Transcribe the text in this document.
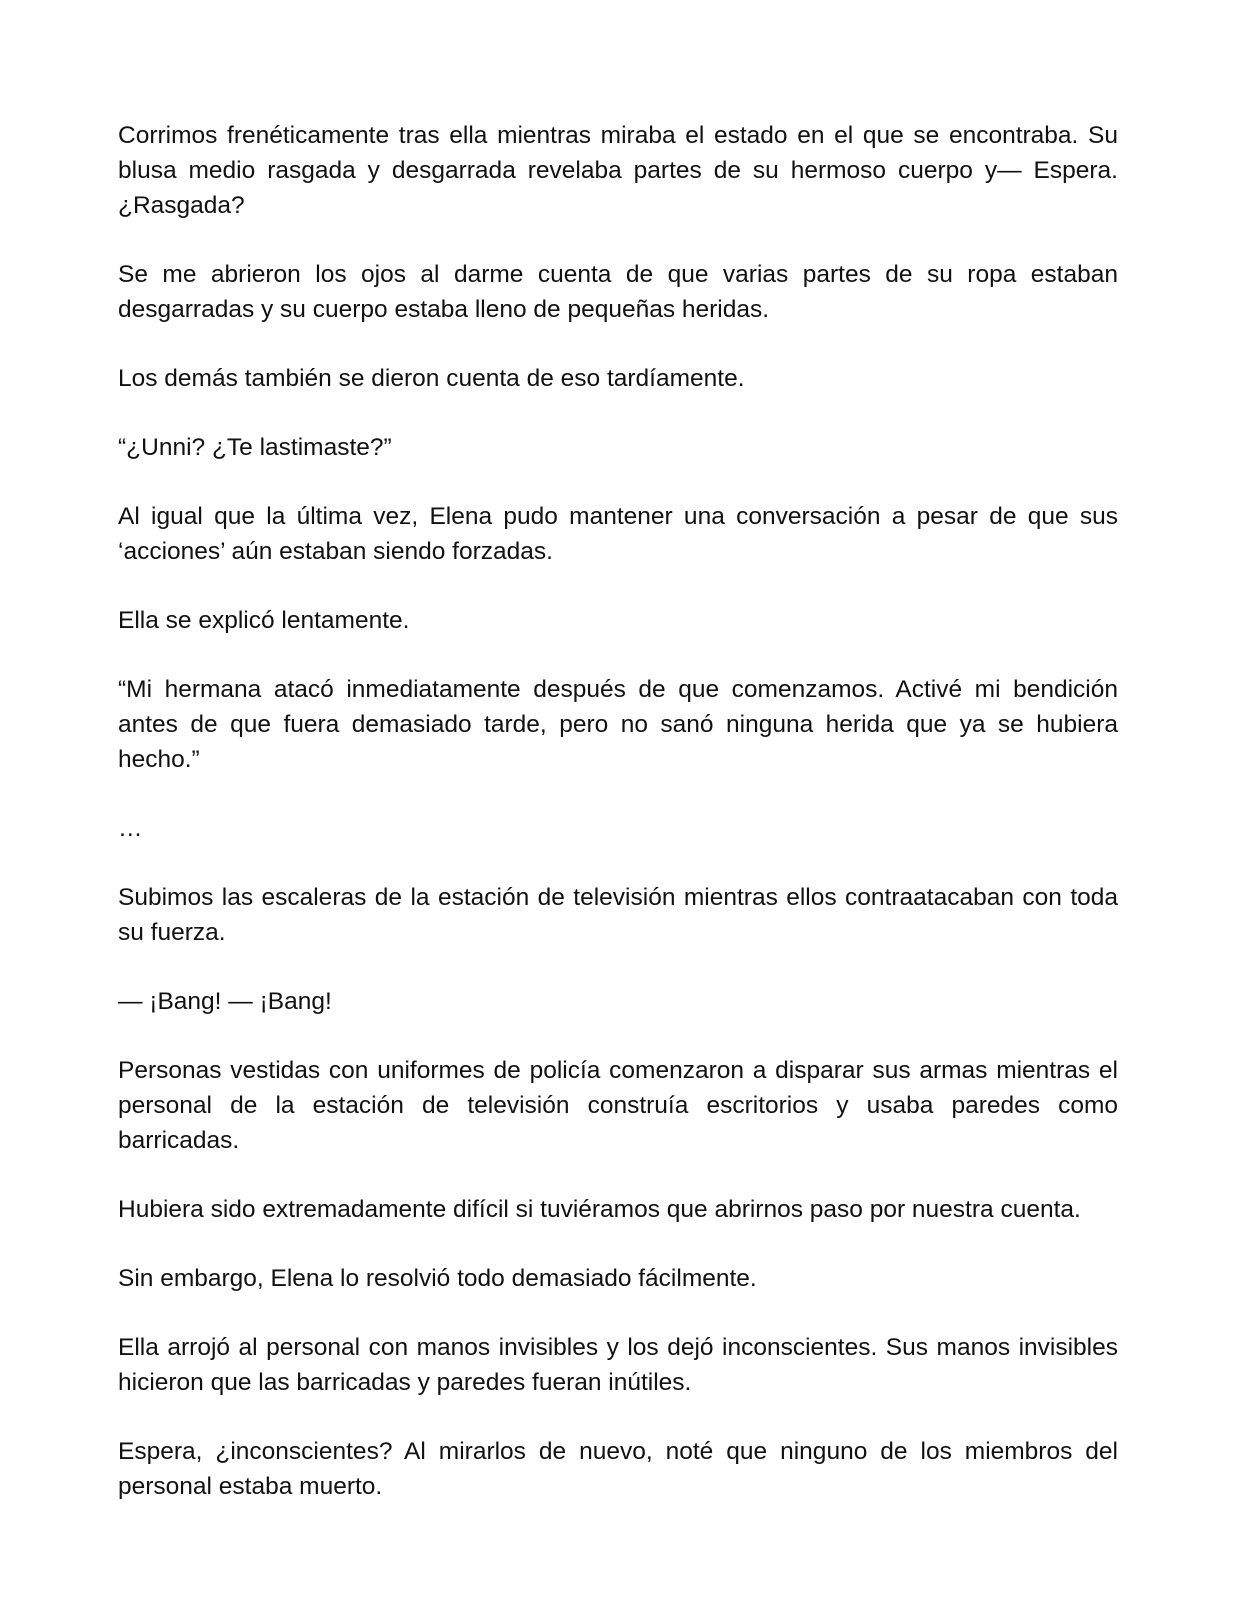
Corrimos frenéticamente tras ella mientras miraba el estado en el que se encontraba. Su blusa medio rasgada y desgarrada revelaba partes de su hermoso cuerpo y— Espera. ¿Rasgada?

Se me abrieron los ojos al darme cuenta de que varias partes de su ropa estaban desgarradas y su cuerpo estaba lleno de pequeñas heridas.

Los demás también se dieron cuenta de eso tardíamente.

“¿Unni? ¿Te lastimaste?”

Al igual que la última vez, Elena pudo mantener una conversación a pesar de que sus ‘acciones’ aún estaban siendo forzadas.

Ella se explicó lentamente.

“Mi hermana atacó inmediatamente después de que comenzamos. Activé mi bendición antes de que fuera demasiado tarde, pero no sanó ninguna herida que ya se hubiera hecho.”

…

Subimos las escaleras de la estación de televisión mientras ellos contraatacaban con toda su fuerza.

— ¡Bang! — ¡Bang!

Personas vestidas con uniformes de policía comenzaron a disparar sus armas mientras el personal de la estación de televisión construía escritorios y usaba paredes como barricadas.

Hubiera sido extremadamente difícil si tuviéramos que abrirnos paso por nuestra cuenta.

Sin embargo, Elena lo resolvió todo demasiado fácilmente.

Ella arrojó al personal con manos invisibles y los dejó inconscientes. Sus manos invisibles hicieron que las barricadas y paredes fueran inútiles.

Espera, ¿inconscientes? Al mirarlos de nuevo, noté que ninguno de los miembros del personal estaba muerto.
